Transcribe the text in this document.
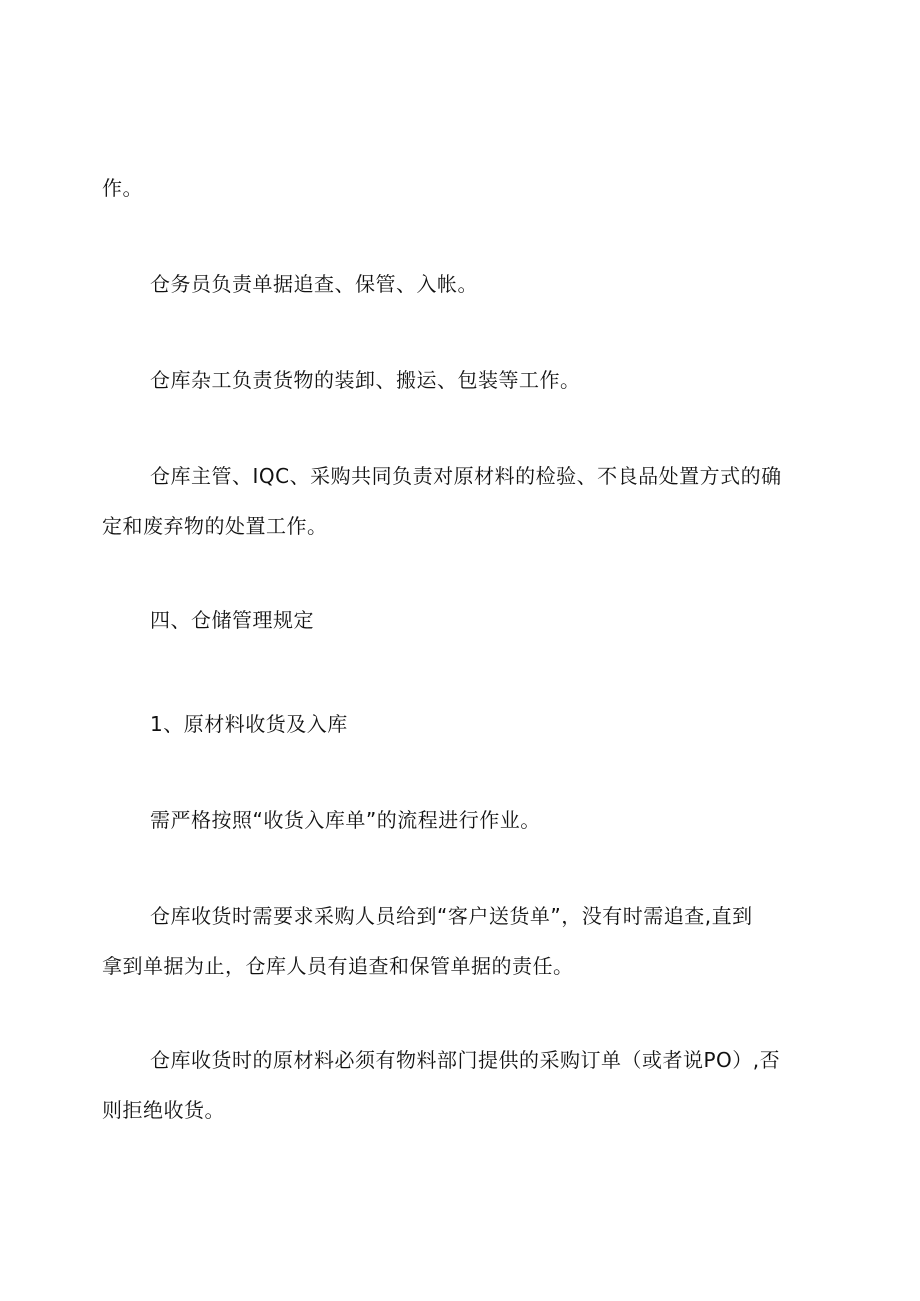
作。
仓务员负责单据追查、保管、入帐。
仓库杂工负责货物的装卸、搬运、包装等工作。
仓库主管、IQC、采购共同负责对原材料的检验、不良品处置方式的确
定和废弃物的处置工作。
四、仓储管理规定
1、原材料收货及入库
需严格按照“收货入库单”的流程进行作业。
仓库收货时需要求采购人员给到“客户送货单”，没有时需追查,直到
拿到单据为止，仓库人员有追查和保管单据的责任。
仓库收货时的原材料必须有物料部门提供的采购订单（或者说PO）,否
则拒绝收货。
